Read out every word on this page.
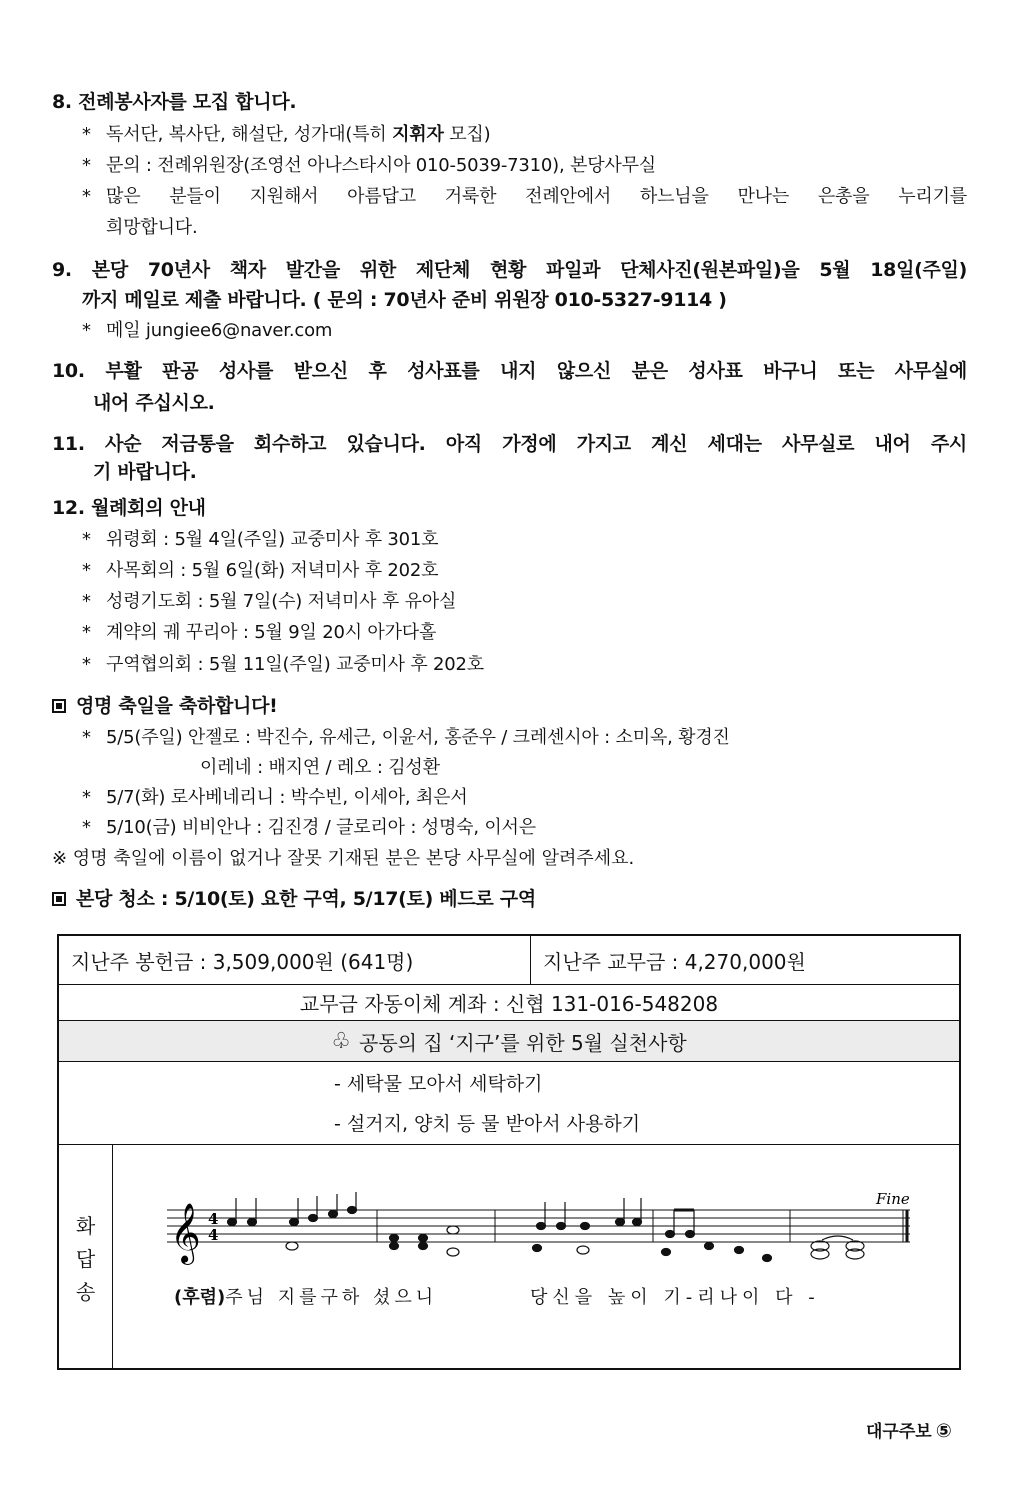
8. 전례봉사자를 모집 합니다.
* 독서단, 복사단, 해설단, 성가대(특히 지휘자 모집)
* 문의 : 전례위원장(조영선 아나스타시아 010-5039-7310), 본당사무실
* 많은 분들이 지원해서 아름답고 거룩한 전례안에서 하느님을 만나는 은총을 누리기를
희망합니다.
9. 본당 70년사 책자 발간을 위한 제단체 현황 파일과 단체사진(원본파일)을 5월 18일(주일)
까지 메일로 제출 바랍니다. ( 문의 : 70년사 준비 위원장 010-5327-9114 )
* 메일 jungiee6@naver.com
10. 부활 판공 성사를 받으신 후 성사표를 내지 않으신 분은 성사표 바구니 또는 사무실에
내어 주십시오.
11. 사순 저금통을 회수하고 있습니다. 아직 가정에 가지고 계신 세대는 사무실로 내어 주시
기 바랍니다.
12. 월례회의 안내
* 위령회 : 5월 4일(주일) 교중미사 후 301호
* 사목회의 : 5월 6일(화) 저녁미사 후 202호
* 성령기도회 : 5월 7일(수) 저녁미사 후 유아실
* 계약의 궤 꾸리아 : 5월 9일 20시 아가다홀
* 구역협의회 : 5월 11일(주일) 교중미사 후 202호
영명 축일을 축하합니다!
* 5/5(주일) 안젤로 : 박진수, 유세근, 이윤서, 홍준우 / 크레센시아 : 소미옥, 황경진
이레네 : 배지연 / 레오 : 김성환
* 5/7(화) 로사베네리니 : 박수빈, 이세아, 최은서
* 5/10(금) 비비안나 : 김진경 / 글로리아 : 성명숙, 이서은
※ 영명 축일에 이름이 없거나 잘못 기재된 분은 본당 사무실에 알려주세요.
본당 청소 : 5/10(토) 요한 구역, 5/17(토) 베드로 구역
지난주 봉헌금 : 3,509,000원 (641명)	지난주 교무금 : 4,270,000원
교무금 자동이체 계좌 : 신협 131-016-548208
♧ 공동의 집 ‘지구’를 위한 5월 실천사항
- 세탁물 모아서 세탁하기
- 설거지, 양치 등 물 받아서 사용하기
화
답
송
𝄞 4
4
Fine
(후렴)주님 지를구하 셨으니	당신을 높이 기-리나이 다 -
대구주보 ⑤
